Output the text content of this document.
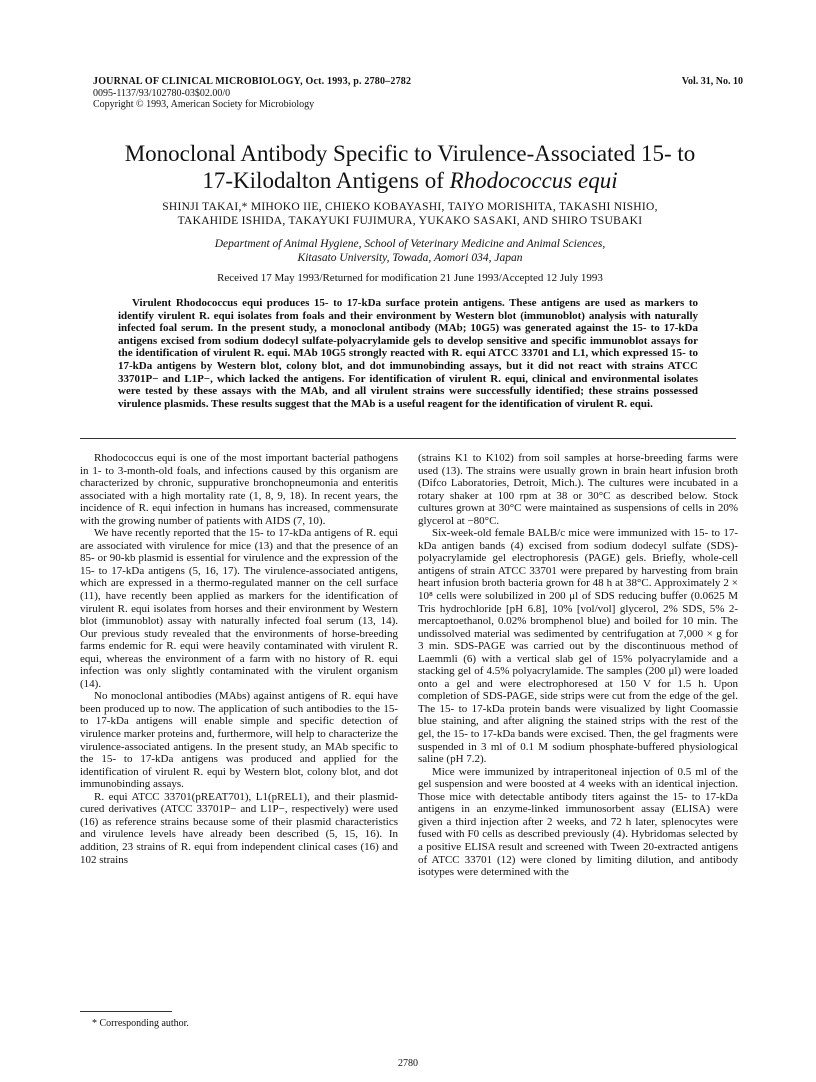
JOURNAL OF CLINICAL MICROBIOLOGY, Oct. 1993, p. 2780–2782
0095-1137/93/102780-03$02.00/0
Copyright © 1993, American Society for Microbiology
Vol. 31, No. 10
Monoclonal Antibody Specific to Virulence-Associated 15- to
17-Kilodalton Antigens of Rhodococcus equi
SHINJI TAKAI,* MIHOKO IIE, CHIEKO KOBAYASHI, TAIYO MORISHITA, TAKASHI NISHIO,
TAKAHIDE ISHIDA, TAKAYUKI FUJIMURA, YUKAKO SASAKI, AND SHIRO TSUBAKI
Department of Animal Hygiene, School of Veterinary Medicine and Animal Sciences,
Kitasato University, Towada, Aomori 034, Japan
Received 17 May 1993/Returned for modification 21 June 1993/Accepted 12 July 1993
Virulent Rhodococcus equi produces 15- to 17-kDa surface protein antigens. These antigens are used as markers to identify virulent R. equi isolates from foals and their environment by Western blot (immunoblot) analysis with naturally infected foal serum. In the present study, a monoclonal antibody (MAb; 10G5) was generated against the 15- to 17-kDa antigens excised from sodium dodecyl sulfate-polyacrylamide gels to develop sensitive and specific immunoblot assays for the identification of virulent R. equi. MAb 10G5 strongly reacted with R. equi ATCC 33701 and L1, which expressed 15- to 17-kDa antigens by Western blot, colony blot, and dot immunobinding assays, but it did not react with strains ATCC 33701P− and L1P−, which lacked the antigens. For identification of virulent R. equi, clinical and environmental isolates were tested by these assays with the MAb, and all virulent strains were successfully identified; these strains possessed virulence plasmids. These results suggest that the MAb is a useful reagent for the identification of virulent R. equi.

Rhodococcus equi is one of the most important bacterial pathogens in 1- to 3-month-old foals, and infections caused by this organism are characterized by chronic, suppurative bronchopneumonia and enteritis associated with a high mortality rate (1, 8, 9, 18). In recent years, the incidence of R. equi infection in humans has increased, commensurate with the growing number of patients with AIDS (7, 10).

We have recently reported that the 15- to 17-kDa antigens of R. equi are associated with virulence for mice (13) and that the presence of an 85- or 90-kb plasmid is essential for virulence and the expression of the 15- to 17-kDa antigens (5, 16, 17). The virulence-associated antigens, which are expressed in a thermo-regulated manner on the cell surface (11), have recently been applied as markers for the identification of virulent R. equi isolates from horses and their environment by Western blot (immunoblot) assay with naturally infected foal serum (13, 14). Our previous study revealed that the environments of horse-breeding farms endemic for R. equi were heavily contaminated with virulent R. equi, whereas the environment of a farm with no history of R. equi infection was only slightly contaminated with the virulent organism (14).

No monoclonal antibodies (MAbs) against antigens of R. equi have been produced up to now. The application of such antibodies to the 15- to 17-kDa antigens will enable simple and specific detection of virulence marker proteins and, furthermore, will help to characterize the virulence-associated antigens. In the present study, an MAb specific to the 15- to 17-kDa antigens was produced and applied for the identification of virulent R. equi by Western blot, colony blot, and dot immunobinding assays.

R. equi ATCC 33701(pREAT701), L1(pREL1), and their plasmid-cured derivatives (ATCC 33701P− and L1P−, respectively) were used (16) as reference strains because some of their plasmid characteristics and virulence levels have already been described (5, 15, 16). In addition, 23 strains of R. equi from independent clinical cases (16) and 102 strains

(strains K1 to K102) from soil samples at horse-breeding farms were used (13). The strains were usually grown in brain heart infusion broth (Difco Laboratories, Detroit, Mich.). The cultures were incubated in a rotary shaker at 100 rpm at 38 or 30°C as described below. Stock cultures grown at 30°C were maintained as suspensions of cells in 20% glycerol at −80°C.

Six-week-old female BALB/c mice were immunized with 15- to 17-kDa antigen bands (4) excised from sodium dodecyl sulfate (SDS)-polyacrylamide gel electrophoresis (PAGE) gels. Briefly, whole-cell antigens of strain ATCC 33701 were prepared by harvesting from brain heart infusion broth bacteria grown for 48 h at 38°C. Approximately 2 × 10⁸ cells were solubilized in 200 μl of SDS reducing buffer (0.0625 M Tris hydrochloride [pH 6.8], 10% [vol/vol] glycerol, 2% SDS, 5% 2-mercaptoethanol, 0.02% bromphenol blue) and boiled for 10 min. The undissolved material was sedimented by centrifugation at 7,000 × g for 3 min. SDS-PAGE was carried out by the discontinuous method of Laemmli (6) with a vertical slab gel of 15% polyacrylamide and a stacking gel of 4.5% polyacrylamide. The samples (200 μl) were loaded onto a gel and were electrophoresed at 150 V for 1.5 h. Upon completion of SDS-PAGE, side strips were cut from the edge of the gel. The 15- to 17-kDa protein bands were visualized by light Coomassie blue staining, and after aligning the stained strips with the rest of the gel, the 15- to 17-kDa bands were excised. Then, the gel fragments were suspended in 3 ml of 0.1 M sodium phosphate-buffered physiological saline (pH 7.2).

Mice were immunized by intraperitoneal injection of 0.5 ml of the gel suspension and were boosted at 4 weeks with an identical injection. Those mice with detectable antibody titers against the 15- to 17-kDa antigens in an enzyme-linked immunosorbent assay (ELISA) were given a third injection after 2 weeks, and 72 h later, splenocytes were fused with F0 cells as described previously (4). Hybridomas selected by a positive ELISA result and screened with Tween 20-extracted antigens of ATCC 33701 (12) were cloned by limiting dilution, and antibody isotypes were determined with the

* Corresponding author.
2780
